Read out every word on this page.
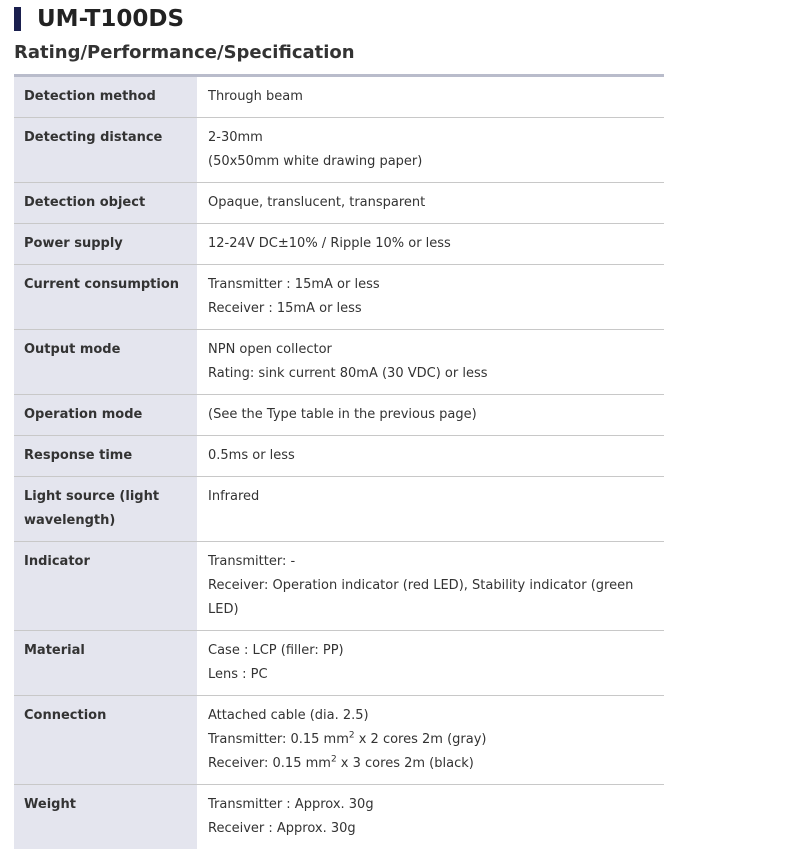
UM-T100DS
Rating/Performance/Specification
Detection method	Through beam

Detecting distance	2-30mm
(50x50mm white drawing paper)

Detection object	Opaque, translucent, transparent

Power supply	12-24V DC±10% / Ripple 10% or less

Current consumption	Transmitter : 15mA or less
Receiver : 15mA or less

Output mode	NPN open collector
Rating: sink current 80mA (30 VDC) or less

Operation mode	(See the Type table in the previous page)

Response time	0.5ms or less

Light source (light wavelength)	Infrared

Indicator	Transmitter: -
Receiver: Operation indicator (red LED), Stability indicator (green LED)

Material	Case : LCP (filler: PP)
Lens : PC

Connection	Attached cable (dia. 2.5)
Transmitter: 0.15 $mm^2$ x 2 cores 2m (gray)
Receiver: 0.15 $mm^2$ x 3 cores 2m (black)

Weight	Transmitter : Approx. 30g
Receiver : Approx. 30g
